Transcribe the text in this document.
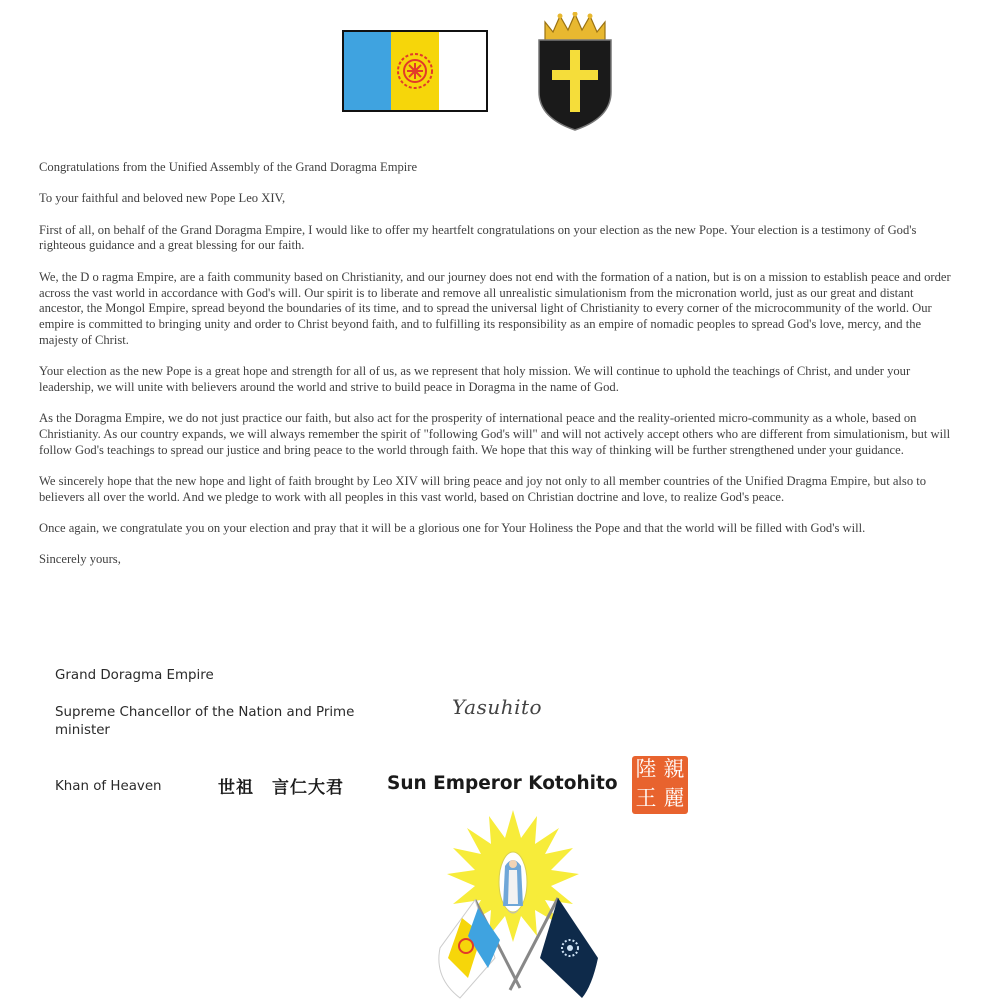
Congratulations from the Unified Assembly of the Grand Doragma Empire

To your faithful and beloved new Pope Leo XIV,

First of all, on behalf of the Grand Doragma Empire, I would like to offer my heartfelt congratulations on your election as the new Pope. Your election is a testimony of God's righteous guidance and a great blessing for our faith.

We, the D o ragma Empire, are a faith community based on Christianity, and our journey does not end with the formation of a nation, but is on a mission to establish peace and order across the vast world in accordance with God's will. Our spirit is to liberate and remove all unrealistic simulationism from the micronation world, just as our great and distant ancestor, the Mongol Empire, spread beyond the boundaries of its time, and to spread the universal light of Christianity to every corner of the microcommunity of the world. Our empire is committed to bringing unity and order to Christ beyond faith, and to fulfilling its responsibility as an empire of nomadic peoples to spread God's love, mercy, and the majesty of Christ.

Your election as the new Pope is a great hope and strength for all of us, as we represent that holy mission. We will continue to uphold the teachings of Christ, and under your leadership, we will unite with believers around the world and strive to build peace in Doragma in the name of God.

As the Doragma Empire, we do not just practice our faith, but also act for the prosperity of international peace and the reality-oriented micro-community as a whole, based on Christianity. As our country expands, we will always remember the spirit of "following God's will" and will not actively accept others who are different from simulationism, but will follow God's teachings to spread our justice and bring peace to the world through faith. We hope that this way of thinking will be further strengthened under your guidance.

We sincerely hope that the new hope and light of faith brought by Leo XIV will bring peace and joy not only to all member countries of the Unified Dragma Empire, but also to believers all over the world. And we pledge to work with all peoples in this vast world, based on Christian doctrine and love, to realize God's peace.

Once again, we congratulate you on your election and pray that it will be a glorious one for Your Holiness the Pope and that the world will be filled with God's will.

Sincerely yours,

Grand Doragma Empire
Supreme Chancellor of the Nation and Prime minister
Yasuhito
Khan of Heaven	世祖　言仁大君 Sun Emperor Kotohito
陸 親
王 麗
